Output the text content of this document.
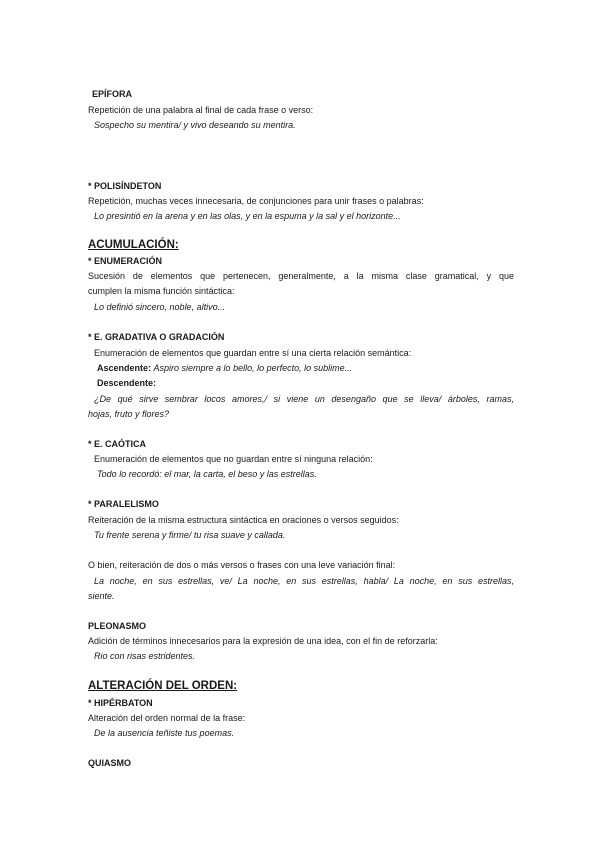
EPÍFORA
Repetición de una palabra al final de cada frase o verso:
Sospecho su mentira/ y vivo deseando su mentira.
* POLISÍNDETON
Repetición, muchas veces innecesaria, de conjunciones para unir frases o palabras:
Lo presintió en la arena y en las olas, y en la espuma y la sal y el horizonte...
ACUMULACIÓN:
* ENUMERACIÓN
Sucesión de elementos que pertenecen, generalmente, a la misma clase gramatical, y que
cumplen la misma función sintáctica:
Lo definió sincero, noble, altivo...
* E. GRADATIVA O GRADACIÓN
Enumeración de elementos que guardan entre sí una cierta relación semántica:
Ascendente: Aspiro siempre a lo bello, lo perfecto, lo sublime...
Descendente:
¿De qué sirve sembrar locos amores,/ si viene un desengaño que se lleva/ árboles, ramas,
hojas, fruto y flores?
* E. CAÓTICA
Enumeración de elementos que no guardan entre sí ninguna relación:
Todo lo recordó: el mar, la carta, el beso y las estrellas.
* PARALELISMO
Reiteración de la misma estructura sintáctica en oraciones o versos seguidos:
Tu frente serena y firme/ tu risa suave y callada.
O bien, reiteración de dos o más versos o frases con una leve variación final:
La noche, en sus estrellas, ve/ La noche, en sus estrellas, habla/ La noche, en sus estrellas,
siente.
PLEONASMO
Adición de términos innecesarios para la expresión de una idea, con el fin de reforzarla:
Rio con risas estridentes.
ALTERACIÓN DEL ORDEN:
* HIPÉRBATON
Alteración del orden normal de la frase:
De la ausencia teñiste tus poemas.
QUIASMO
